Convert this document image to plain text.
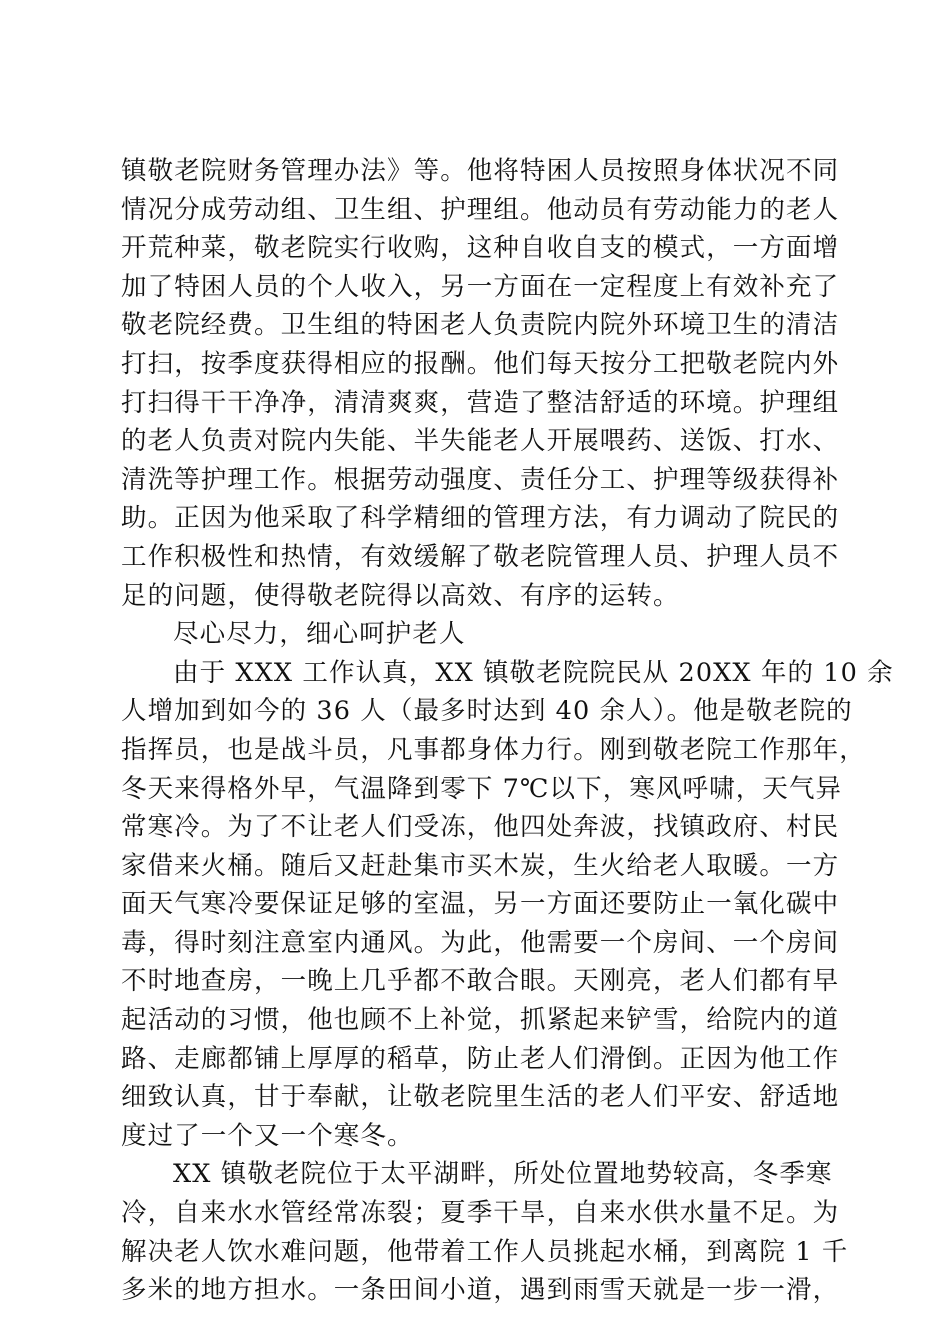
镇敬老院财务管理办法》等。他将特困人员按照身体状况不同
情况分成劳动组、卫生组、护理组。他动员有劳动能力的老人
开荒种菜，敬老院实行收购，这种自收自支的模式，一方面增
加了特困人员的个人收入，另一方面在一定程度上有效补充了
敬老院经费。卫生组的特困老人负责院内院外环境卫生的清洁
打扫，按季度获得相应的报酬。他们每天按分工把敬老院内外
打扫得干干净净，清清爽爽，营造了整洁舒适的环境。护理组
的老人负责对院内失能、半失能老人开展喂药、送饭、打水、
清洗等护理工作。根据劳动强度、责任分工、护理等级获得补
助。正因为他采取了科学精细的管理方法，有力调动了院民的
工作积极性和热情，有效缓解了敬老院管理人员、护理人员不
足的问题，使得敬老院得以高效、有序的运转。
尽心尽力，细心呵护老人
由于 XXX 工作认真，XX 镇敬老院院民从 20XX 年的 10 余
人增加到如今的 36 人（最多时达到 40 余人）。他是敬老院的
指挥员，也是战斗员，凡事都身体力行。刚到敬老院工作那年，
冬天来得格外早，气温降到零下 7℃以下，寒风呼啸，天气异
常寒冷。为了不让老人们受冻，他四处奔波，找镇政府、村民
家借来火桶。随后又赶赴集市买木炭，生火给老人取暖。一方
面天气寒冷要保证足够的室温，另一方面还要防止一氧化碳中
毒，得时刻注意室内通风。为此，他需要一个房间、一个房间
不时地查房，一晚上几乎都不敢合眼。天刚亮，老人们都有早
起活动的习惯，他也顾不上补觉，抓紧起来铲雪，给院内的道
路、走廊都铺上厚厚的稻草，防止老人们滑倒。正因为他工作
细致认真，甘于奉献，让敬老院里生活的老人们平安、舒适地
度过了一个又一个寒冬。
XX 镇敬老院位于太平湖畔，所处位置地势较高，冬季寒
冷，自来水水管经常冻裂；夏季干旱，自来水供水量不足。为
解决老人饮水难问题，他带着工作人员挑起水桶，到离院 1 千
多米的地方担水。一条田间小道，遇到雨雪天就是一步一滑，
